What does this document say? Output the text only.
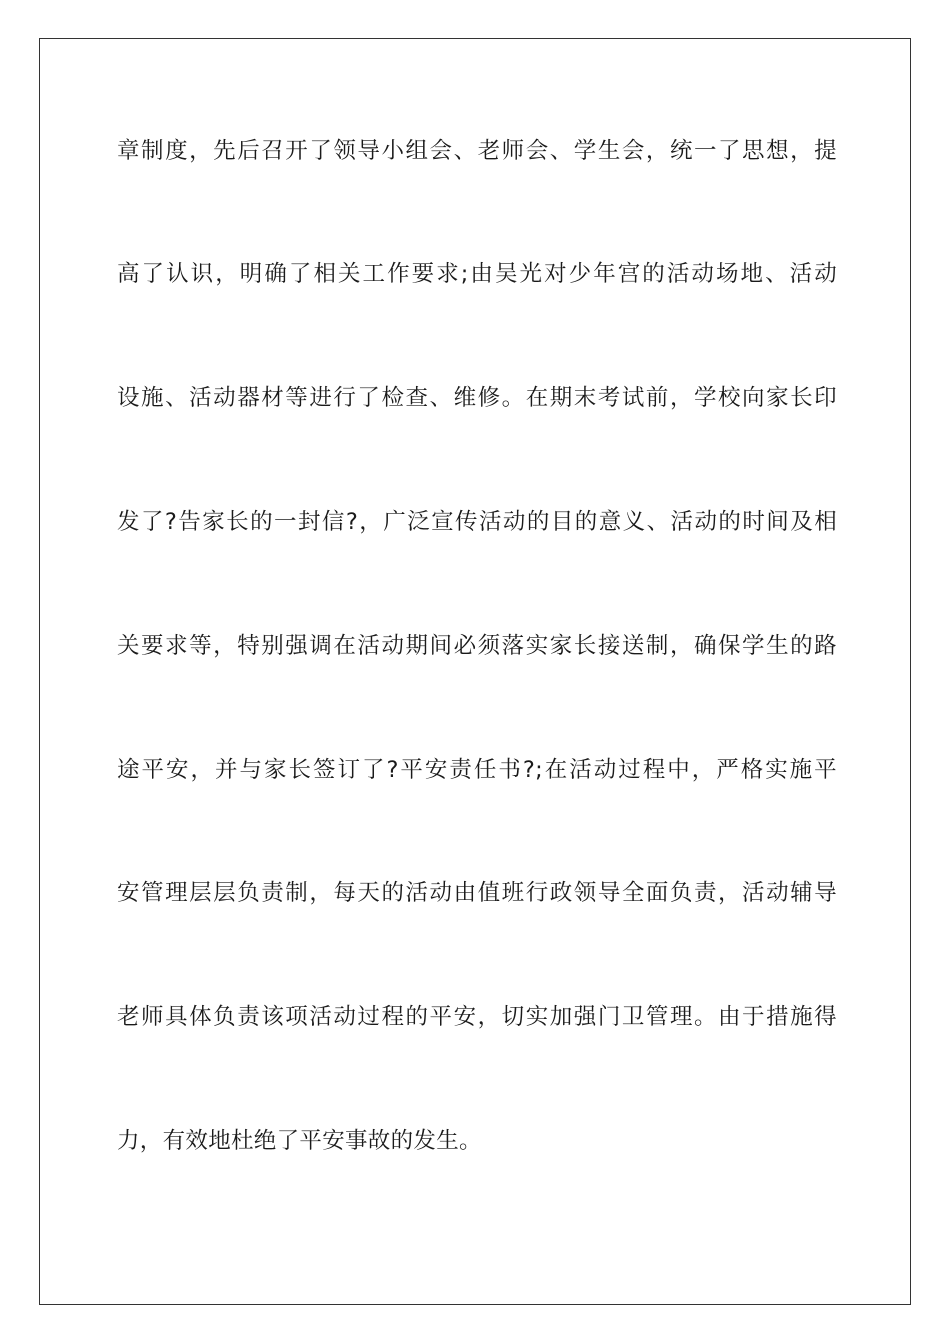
章制度，先后召开了领导小组会、老师会、学生会，统一了思想，提
高了认识，明确了相关工作要求;由吴光对少年宫的活动场地、活动
设施、活动器材等进行了检查、维修。在期末考试前，学校向家长印
发了?告家长的一封信?，广泛宣传活动的目的意义、活动的时间及相
关要求等，特别强调在活动期间必须落实家长接送制，确保学生的路
途平安，并与家长签订了?平安责任书?;在活动过程中，严格实施平
安管理层层负责制，每天的活动由值班行政领导全面负责，活动辅导
老师具体负责该项活动过程的平安，切实加强门卫管理。由于措施得
力，有效地杜绝了平安事故的发生。
